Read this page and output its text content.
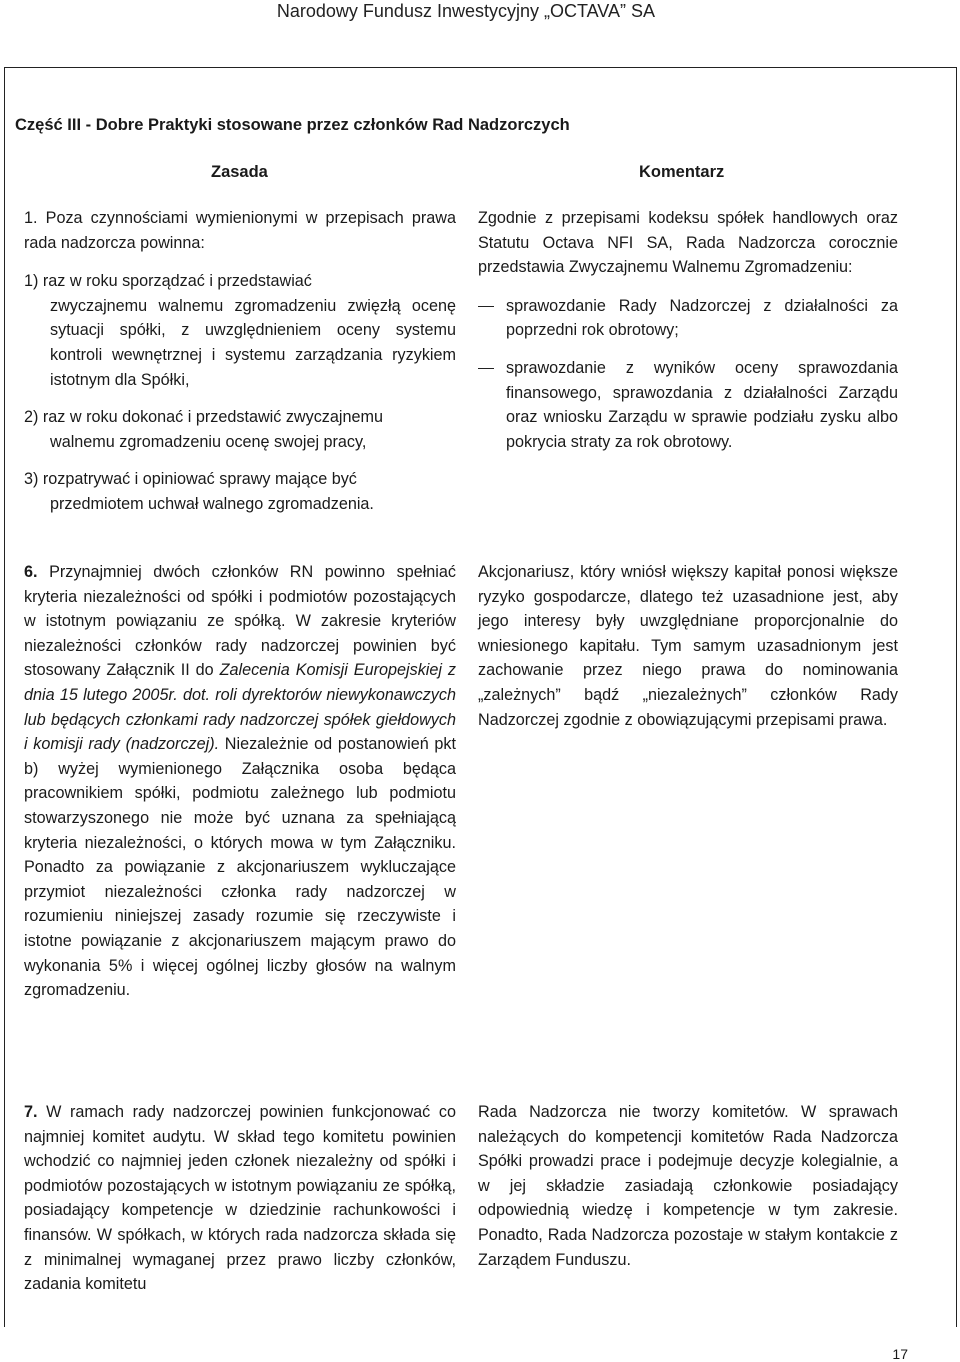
Narodowy Fundusz Inwestycyjny „OCTAVA” SA
Część III - Dobre Praktyki stosowane przez członków Rad Nadzorczych
Zasada	Komentarz

1. Poza czynnościami wymienionymi w przepisach prawa rada nadzorcza powinna:

1) raz w roku sporządzać i przedstawiać

zwyczajnemu walnemu zgromadzeniu zwięzłą ocenę sytuacji spółki, z uwzględnieniem oceny systemu kontroli wewnętrznej i systemu zarządzania ryzykiem istotnym dla Spółki,

2) raz w roku dokonać i przedstawić zwyczajnemu

walnemu zgromadzeniu ocenę swojej pracy,

3) rozpatrywać i opiniować sprawy mające być

przedmiotem uchwał walnego zgromadzenia.

Zgodnie z przepisami kodeksu spółek handlowych oraz Statutu Octava NFI SA, Rada Nadzorcza corocznie przedstawia Zwyczajnemu Walnemu Zgromadzeniu:

sprawozdanie Rady Nadzorczej z działalności za poprzedni rok obrotowy;

sprawozdanie z wyników oceny sprawozdania finansowego, sprawozdania z działalności Zarządu oraz wniosku Zarządu w sprawie podziału zysku albo pokrycia straty za rok obrotowy.

6. Przynajmniej dwóch członków RN powinno spełniać kryteria niezależności od spółki i podmiotów pozostających w istotnym powiązaniu ze spółką. W zakresie kryteriów niezależności członków rady nadzorczej powinien być stosowany Załącznik II do Zalecenia Komisji Europejskiej z dnia 15 lutego 2005r. dot. roli dyrektorów niewykonawczych lub będących członkami rady nadzorczej spółek giełdowych i komisji rady (nadzorczej). Niezależnie od postanowień pkt b) wyżej wymienionego Załącznika osoba będąca pracownikiem spółki, podmiotu zależnego lub podmiotu stowarzyszonego nie może być uznana za spełniającą kryteria niezależności, o których mowa w tym Załączniku. Ponadto za powiązanie z akcjonariuszem wykluczające przymiot niezależności członka rady nadzorczej w rozumieniu niniejszej zasady rozumie się rzeczywiste i istotne powiązanie z akcjonariuszem mającym prawo do wykonania 5% i więcej ogólnej liczby głosów na walnym zgromadzeniu.

Akcjonariusz, który wniósł większy kapitał ponosi większe ryzyko gospodarcze, dlatego też uzasadnione jest, aby jego interesy były uwzględniane proporcjonalnie do wniesionego kapitału. Tym samym uzasadnionym jest zachowanie przez niego prawa do nominowania „zależnych” bądź „niezależnych” członków Rady Nadzorczej zgodnie z obowiązującymi przepisami prawa.

7. W ramach rady nadzorczej powinien funkcjonować co najmniej komitet audytu. W skład tego komitetu powinien wchodzić co najmniej jeden członek niezależny od spółki i podmiotów pozostających w istotnym powiązaniu ze spółką, posiadający kompetencje w dziedzinie rachunkowości i finansów. W spółkach, w których rada nadzorcza składa się z minimalnej wymaganej przez prawo liczby członków, zadania komitetu

Rada Nadzorcza nie tworzy komitetów. W sprawach należących do kompetencji komitetów Rada Nadzorcza Spółki prowadzi prace i podejmuje decyzje kolegialnie, a w jej składzie zasiadają członkowie posiadający odpowiednią wiedzę i kompetencje w tym zakresie. Ponadto, Rada Nadzorcza pozostaje w stałym kontakcie z Zarządem Funduszu.

17
